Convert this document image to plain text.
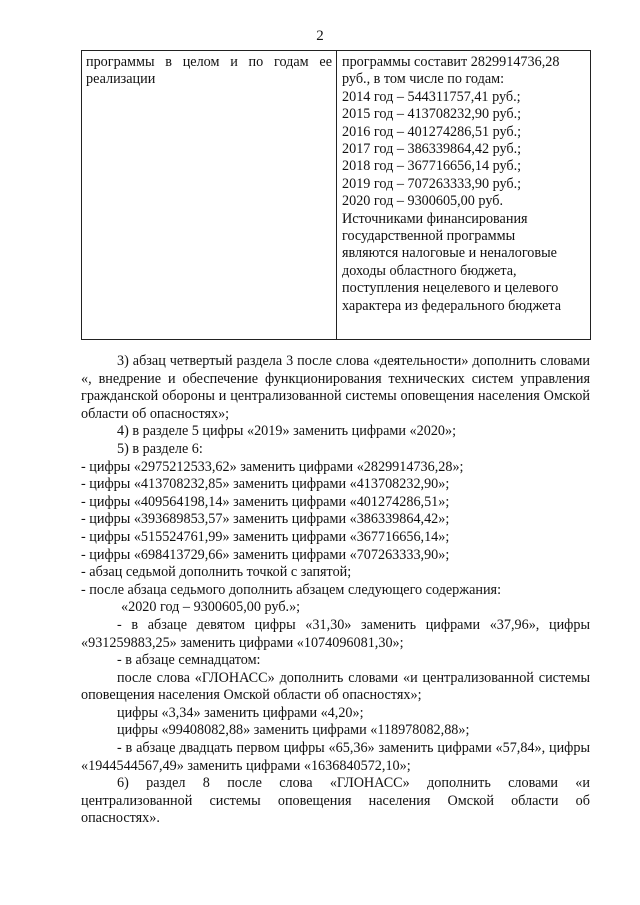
2
программы в целом и по годам ее реализации
программы составит 2829914736,28
руб., в том числе по годам:
2014 год – 544311757,41 руб.;
2015 год – 413708232,90 руб.;
2016 год – 401274286,51 руб.;
2017 год – 386339864,42 руб.;
2018 год – 367716656,14 руб.;
2019 год – 707263333,90 руб.;
2020 год – 9300605,00 руб.
Источниками финансирования
государственной программы
являются налоговые и неналоговые
доходы областного бюджета,
поступления нецелевого и целевого
характера из федерального бюджета

3) абзац четвертый раздела 3 после слова «деятельности» дополнить словами «, внедрение и обеспечение функционирования технических систем управления гражданской обороны и централизованной системы оповещения населения Омской области об опасностях»;

4) в разделе 5 цифры «2019» заменить цифрами «2020»;

5) в разделе 6:

- цифры «2975212533,62» заменить цифрами «2829914736,28»;

- цифры «413708232,85» заменить цифрами «413708232,90»;

- цифры «409564198,14» заменить цифрами «401274286,51»;

- цифры «393689853,57» заменить цифрами «386339864,42»;

- цифры «515524761,99» заменить цифрами «367716656,14»;

- цифры «698413729,66» заменить цифрами «707263333,90»;

- абзац седьмой дополнить точкой с запятой;

- после абзаца седьмого дополнить абзацем следующего содержания:

«2020 год – 9300605,00 руб.»;

- в абзаце девятом цифры «31,30» заменить цифрами «37,96», цифры «931259883,25» заменить цифрами «1074096081,30»;

- в абзаце семнадцатом:

после слова «ГЛОНАСС» дополнить словами «и централизованной системы оповещения населения Омской области об опасностях»;

цифры «3,34» заменить цифрами «4,20»;

цифры «99408082,88» заменить цифрами «118978082,88»;

- в абзаце двадцать первом цифры «65,36» заменить цифрами «57,84», цифры «1944544567,49» заменить цифрами «1636840572,10»;

6) раздел 8 после слова «ГЛОНАСС» дополнить словами «и централизованной системы оповещения населения Омской области об опасностях».
